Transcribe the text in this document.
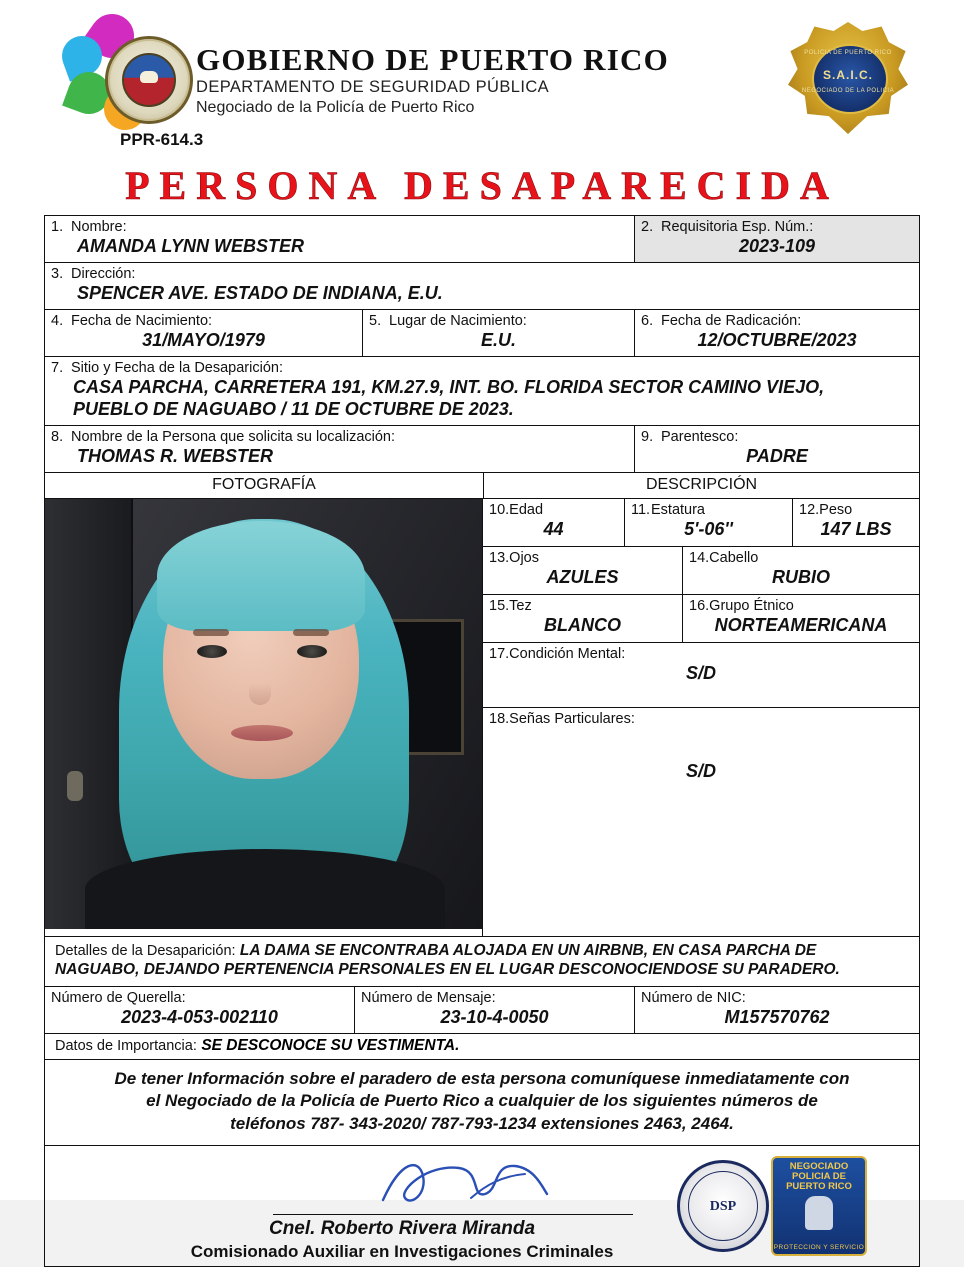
GOBIERNO DE PUERTO RICO
DEPARTAMENTO DE SEGURIDAD PÚBLICA
Negociado de la Policía de Puerto Rico
POLICIA DE PUERTO RICO
S.A.I.C.
NEGOCIADO DE LA POLICIA
PPR-614.3
PERSONA DESAPARECIDA
1. Nombre:
AMANDA LYNN WEBSTER
2. Requisitoria Esp. Núm.:
2023-109
3. Dirección:
SPENCER AVE. ESTADO DE INDIANA, E.U.
4. Fecha de Nacimiento:
31/MAYO/1979
5. Lugar de Nacimiento:
E.U.
6. Fecha de Radicación:
12/OCTUBRE/2023
7. Sitio y Fecha de la Desaparición:
CASA PARCHA, CARRETERA 191, KM.27.9, INT. BO. FLORIDA SECTOR CAMINO VIEJO,
PUEBLO DE NAGUABO / 11 DE OCTUBRE DE 2023.
8. Nombre de la Persona que solicita su localización:
THOMAS R. WEBSTER
9. Parentesco:
PADRE
FOTOGRAFÍA	DESCRIPCIÓN
10.Edad
44
11.Estatura
5'-06''
12.Peso
147 LBS
13.Ojos
AZULES
14.Cabello
RUBIO
15.Tez
BLANCO
16.Grupo Étnico
NORTEAMERICANA
17.Condición Mental:
S/D
18.Señas Particulares:
S/D
Detalles de la Desaparición: LA DAMA SE ENCONTRABA ALOJADA EN UN AIRBNB, EN CASA PARCHA DE
NAGUABO, DEJANDO PERTENENCIA PERSONALES EN EL LUGAR DESCONOCIENDOSE SU PARADERO.
Número de Querella:
2023-4-053-002110
Número de Mensaje:
23-10-4-0050
Número de NIC:
M157570762
Datos de Importancia: SE DESCONOCE SU VESTIMENTA.
De tener Información sobre el paradero de esta persona comuníquese inmediatamente con
el Negociado de la Policía de Puerto Rico a cualquier de los siguientes números de
teléfonos 787- 343-2020/ 787-793-1234 extensiones 2463, 2464.
Cnel. Roberto Rivera Miranda
Comisionado Auxiliar en Investigaciones Criminales
DSP
NEGOCIADO POLICIA DE PUERTO RICO
PROTECCION Y SERVICIO
